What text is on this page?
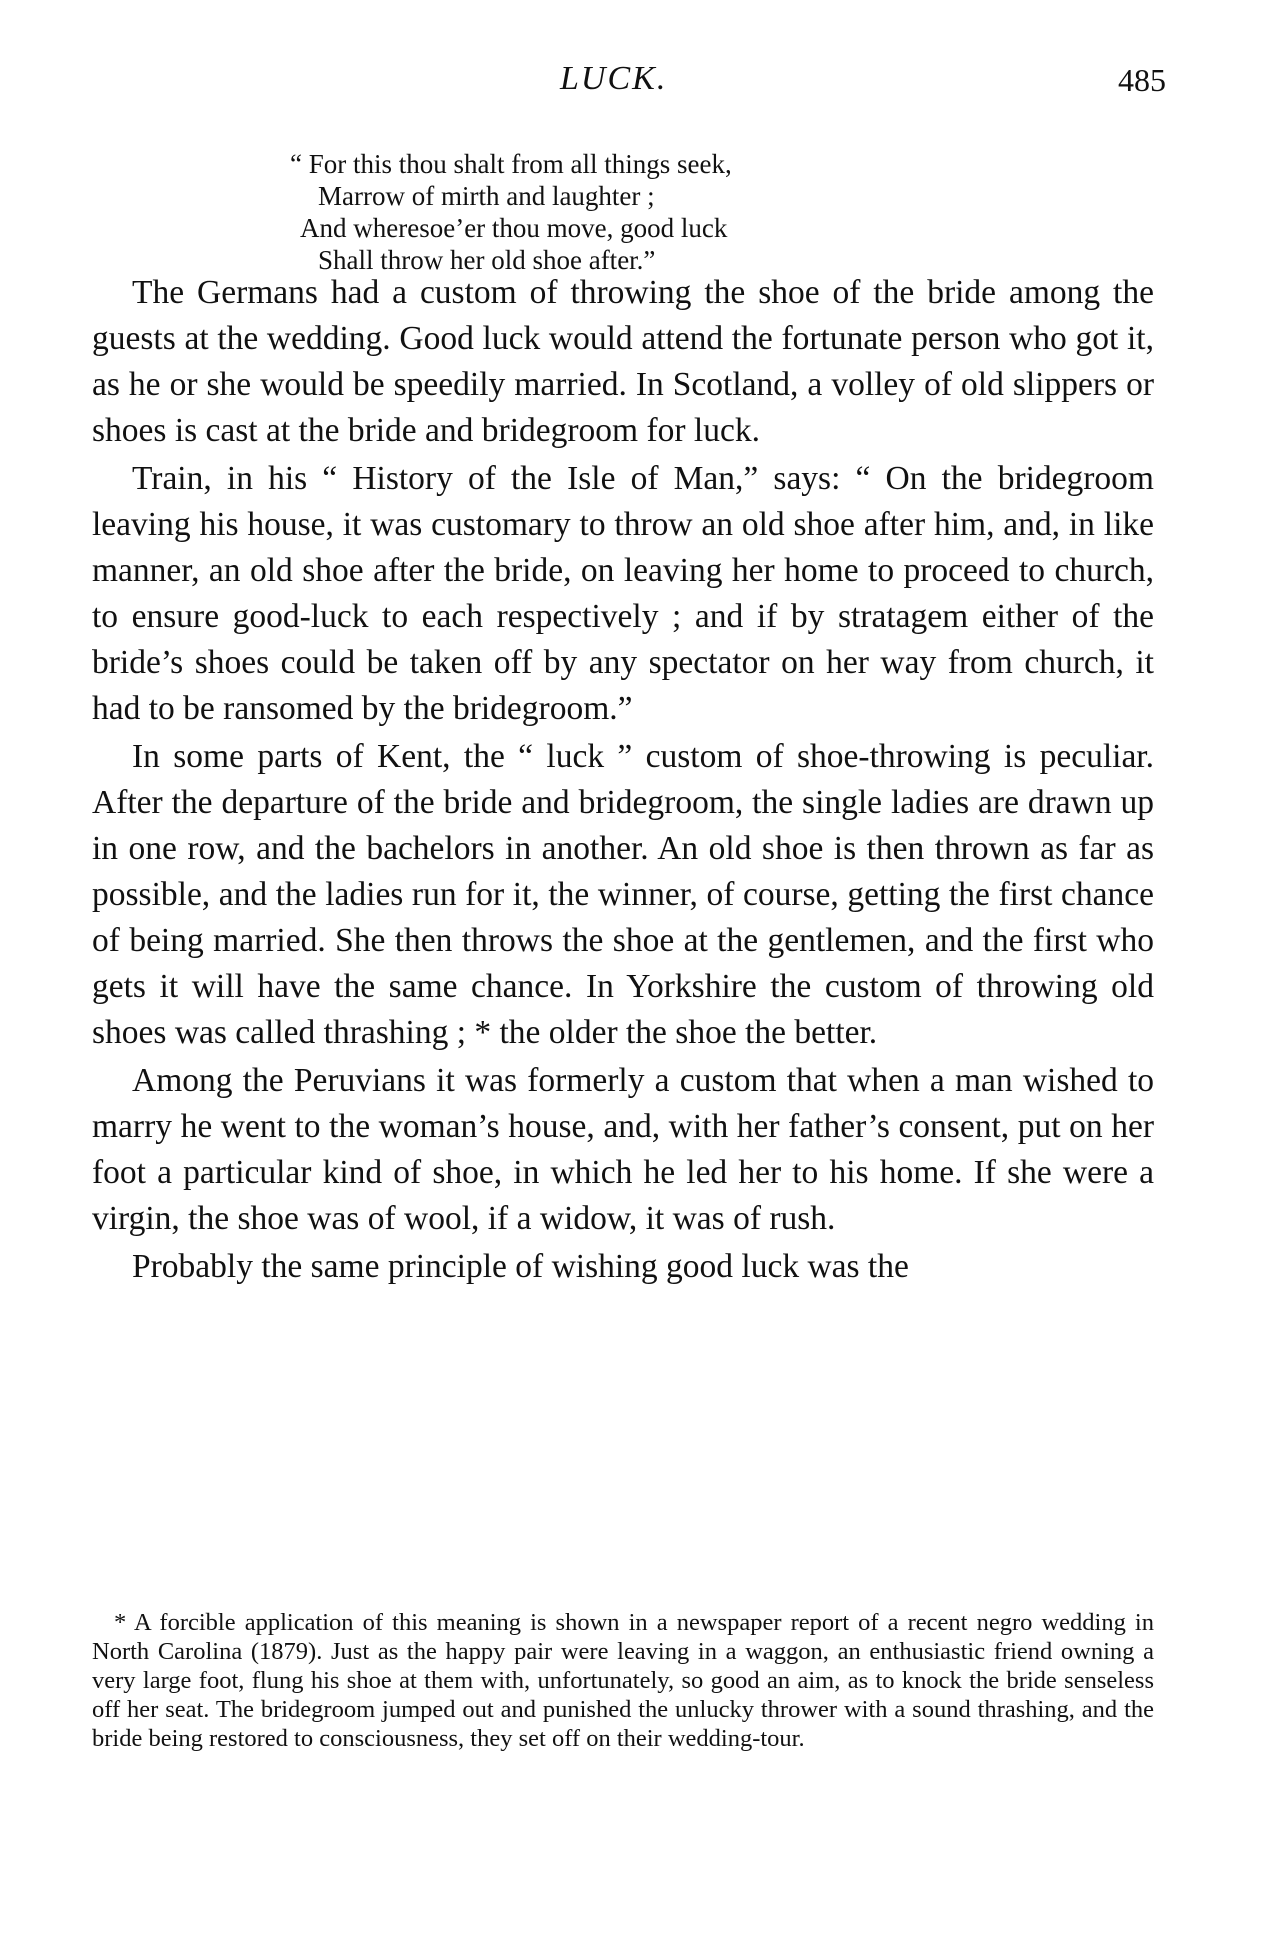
LUCK.	485
“ For this thou shalt from all things seek,
Marrow of mirth and laughter ;
And wheresoe’er thou move, good luck
Shall throw her old shoe after.”

The Germans had a custom of throwing the shoe of the bride among the guests at the wedding. Good luck would attend the fortunate person who got it, as he or she would be speedily married. In Scotland, a volley of old slippers or shoes is cast at the bride and bridegroom for luck.

Train, in his “ History of the Isle of Man,” says: “ On the bridegroom leaving his house, it was customary to throw an old shoe after him, and, in like manner, an old shoe after the bride, on leaving her home to proceed to church, to ensure good-luck to each respectively ; and if by stratagem either of the bride’s shoes could be taken off by any spectator on her way from church, it had to be ransomed by the bridegroom.”

In some parts of Kent, the “ luck ” custom of shoe-throwing is peculiar. After the departure of the bride and bridegroom, the single ladies are drawn up in one row, and the bachelors in another. An old shoe is then thrown as far as possible, and the ladies run for it, the winner, of course, getting the first chance of being married. She then throws the shoe at the gentlemen, and the first who gets it will have the same chance. In Yorkshire the custom of throwing old shoes was called thrashing ; * the older the shoe the better.

Among the Peruvians it was formerly a custom that when a man wished to marry he went to the woman’s house, and, with her father’s consent, put on her foot a particular kind of shoe, in which he led her to his home. If she were a virgin, the shoe was of wool, if a widow, it was of rush.

Probably the same principle of wishing good luck was the

* A forcible application of this meaning is shown in a newspaper report of a recent negro wedding in North Carolina (1879). Just as the happy pair were leaving in a waggon, an enthusiastic friend owning a very large foot, flung his shoe at them with, unfortunately, so good an aim, as to knock the bride senseless off her seat. The bridegroom jumped out and punished the unlucky thrower with a sound thrashing, and the bride being restored to consciousness, they set off on their wedding-tour.
